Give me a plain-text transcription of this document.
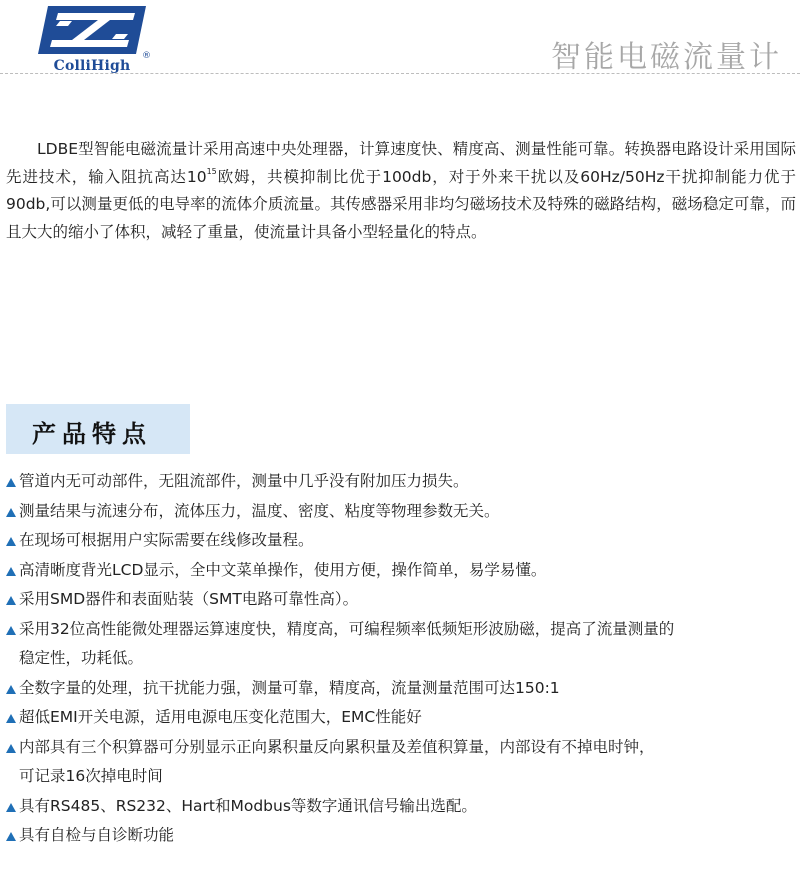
ColliHigh
®	智能电磁流量计

LDBE型智能电磁流量计采用高速中央处理器，计算速度快、精度高、测量性能可靠。转换器电路设计采用国际先进技术，输入阻抗高达$10^{15}$欧姆，共模抑制比优于100db，对于外来干扰以及60Hz/50Hz干扰抑制能力优于90db,可以测量更低的电导率的流体介质流量。其传感器采用非均匀磁场技术及特殊的磁路结构，磁场稳定可靠，而且大大的缩小了体积，减轻了重量，使流量计具备小型轻量化的特点。

产品特点
管道内无可动部件，无阻流部件，测量中几乎没有附加压力损失。
测量结果与流速分布，流体压力，温度、密度、粘度等物理参数无关。
在现场可根据用户实际需要在线修改量程。
高清晰度背光LCD显示，全中文菜单操作，使用方便，操作简单，易学易懂。
采用SMD器件和表面贴装（SMT电路可靠性高）。
采用32位高性能微处理器运算速度快，精度高，可编程频率低频矩形波励磁，提高了流量测量的
稳定性，功耗低。
全数字量的处理，抗干扰能力强，测量可靠，精度高，流量测量范围可达150:1
超低EMI开关电源，适用电源电压变化范围大，EMC性能好
内部具有三个积算器可分别显示正向累积量反向累积量及差值积算量，内部设有不掉电时钟，
可记录16次掉电时间
具有RS485、RS232、Hart和Modbus等数字通讯信号输出选配。
具有自检与自诊断功能
